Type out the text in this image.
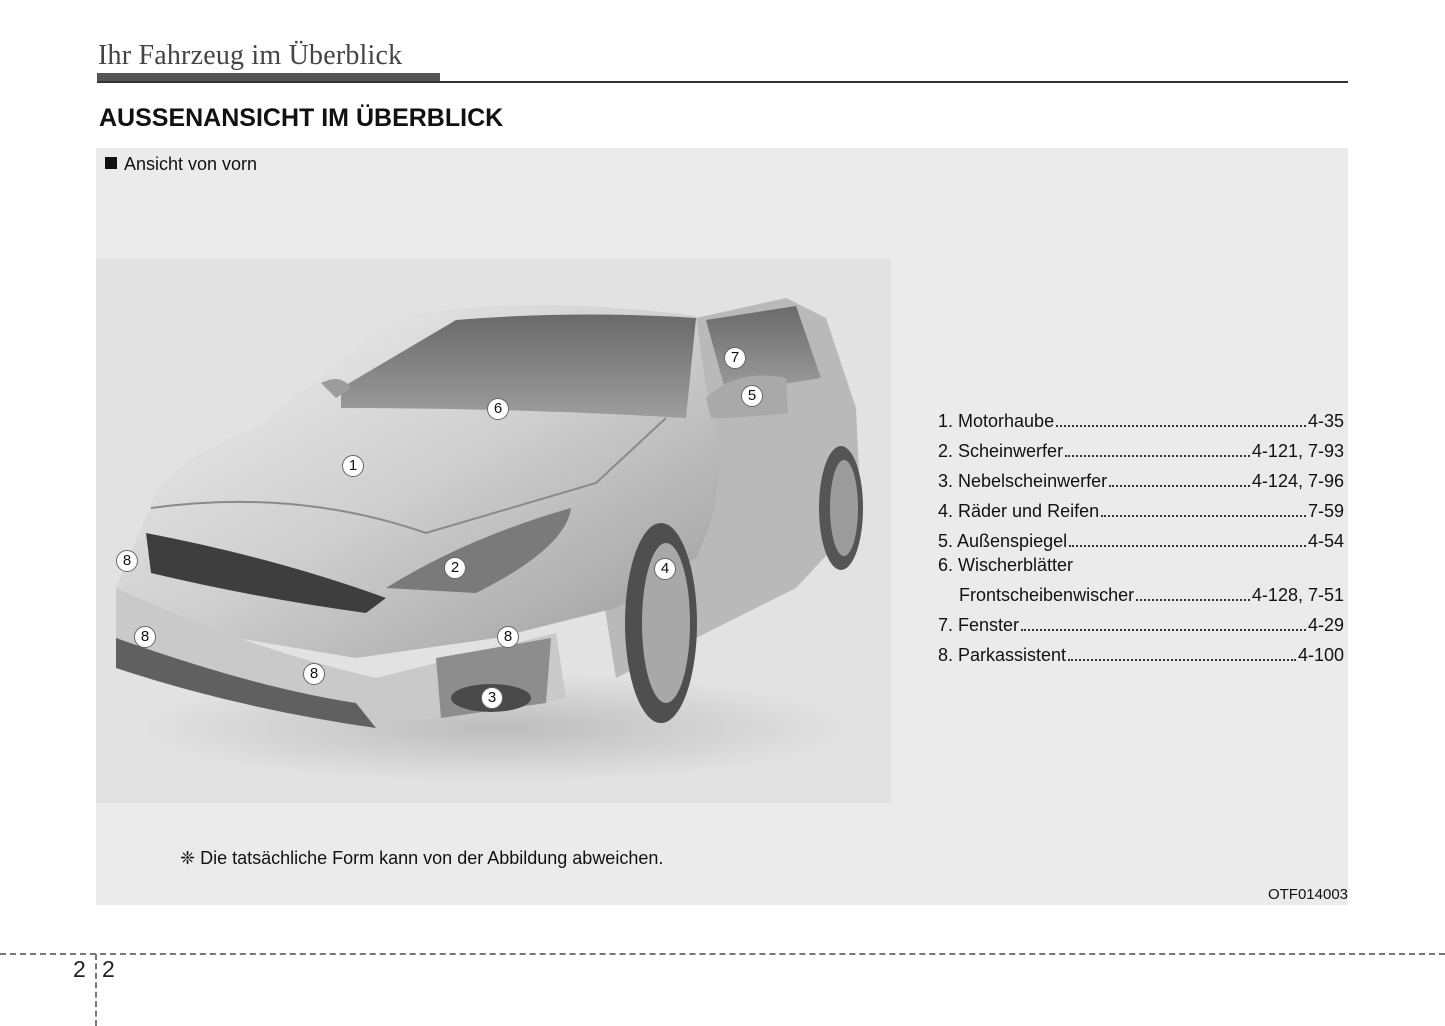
Ihr Fahrzeug im Überblick
AUSSENANSICHT IM ÜBERBLICK
Ansicht von vorn
1
2
3
4
5
6
7
8
8
8
8
1. Motorhaube	4-35
2. Scheinwerfer	4-121, 7-93
3. Nebelscheinwerfer	4-124, 7-96
4. Räder und Reifen	7-59
5. Außenspiegel	4-54
6. Wischerblätter
Frontscheibenwischer	4-128, 7-51
7. Fenster	4-29
8. Parkassistent	4-100
❈ Die tatsächliche Form kann von der Abbildung abweichen.
OTF014003
2 2
